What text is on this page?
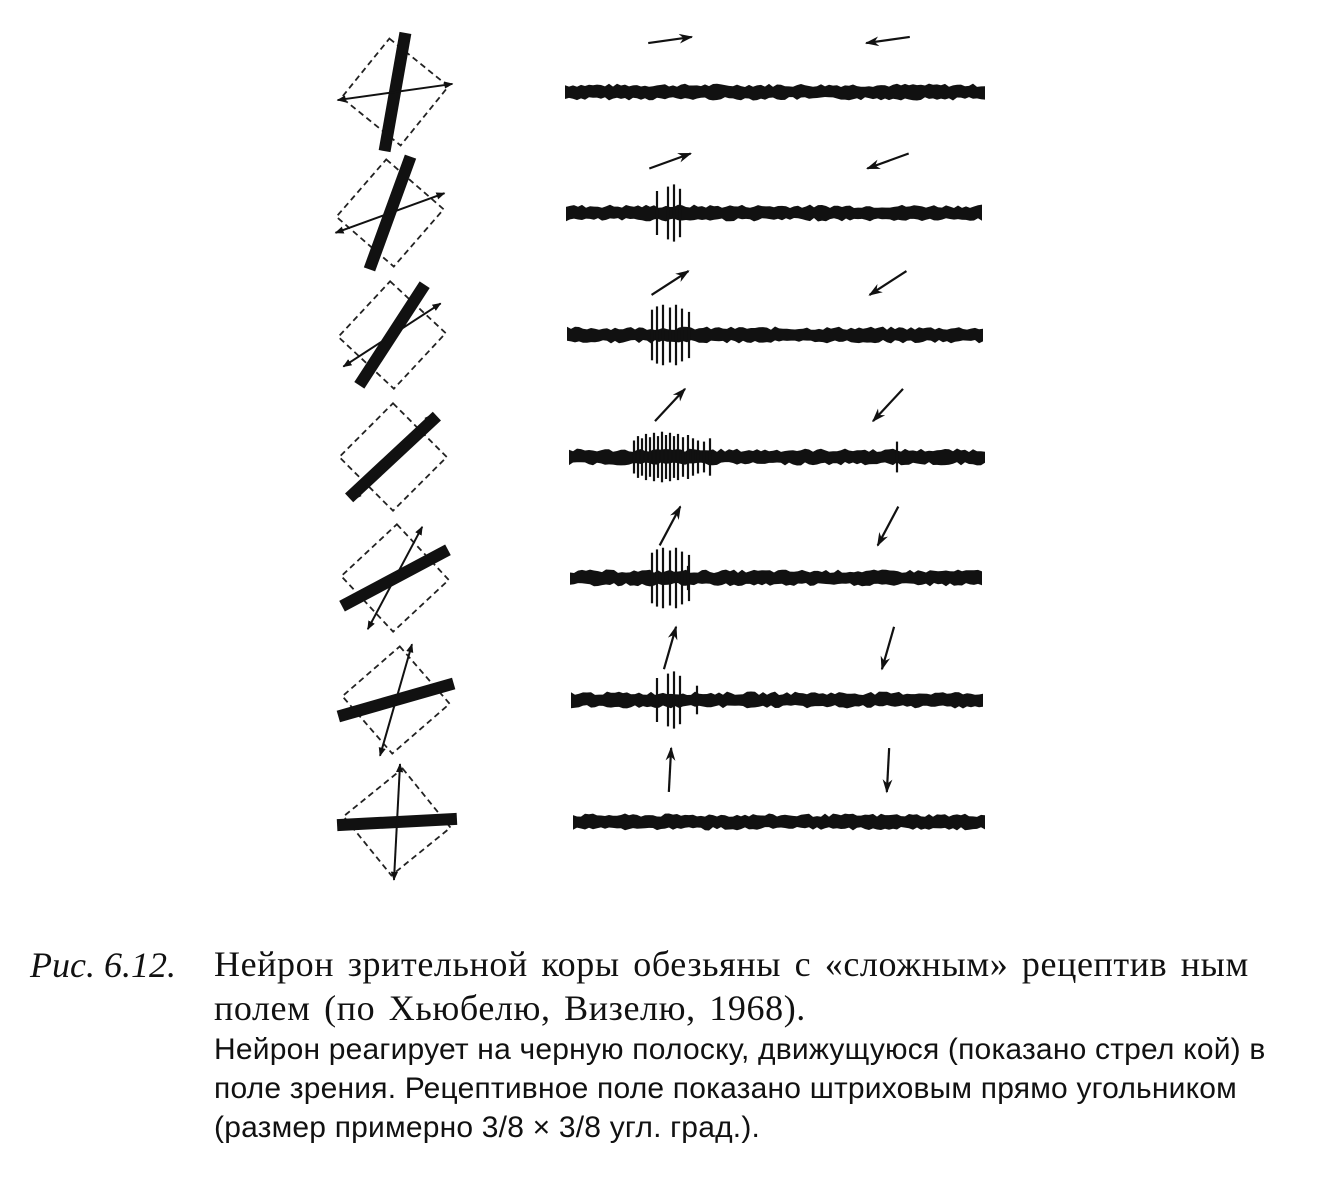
Рис. 6.12. Нейрон зрительной коры обезьяны с «сложным» рецептив ным полем (по Хьюбелю, Визелю, 1968).
Нейрон реагирует на черную полоску, движущуюся (показано стрел кой) в поле зрения. Рецептивное поле показано штриховым прямо угольником (размер примерно 3/8 × 3/8 угл. град.).
